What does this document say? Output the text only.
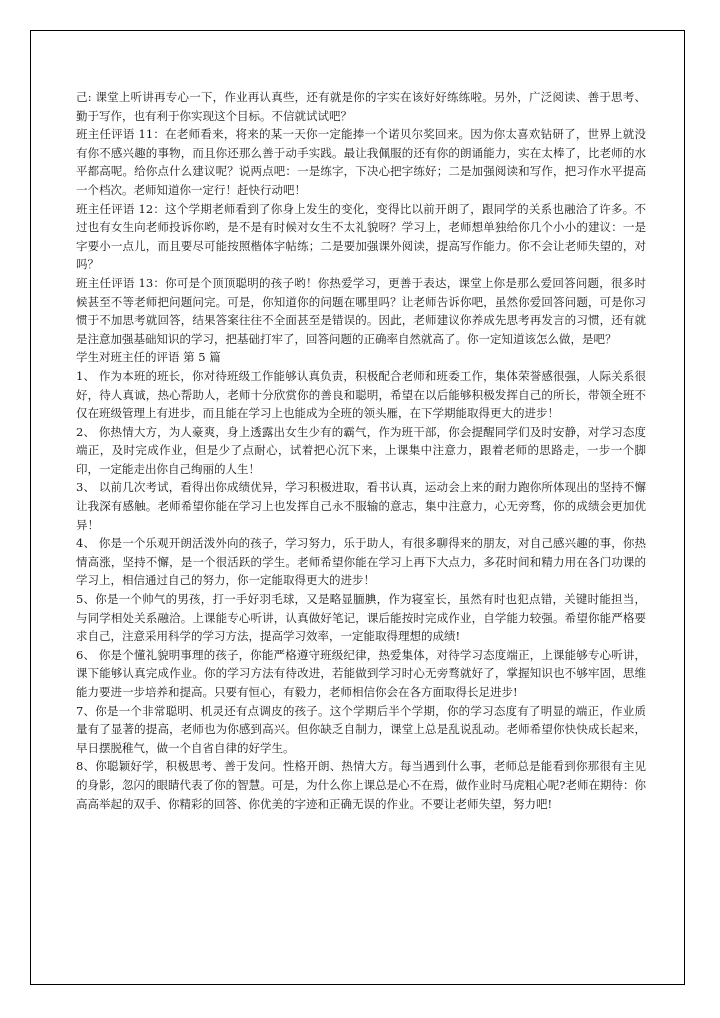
己: 课堂上听讲再专心一下，作业再认真些，还有就是你的字实在该好好练练啦。另外，广泛阅读、善于思考、勤于写作，也有利于你实现这个目标。不信就试试吧？

班主任评语 11：在老师看来，将来的某一天你一定能捧一个诺贝尔奖回来。因为你太喜欢钻研了，世界上就没有你不感兴趣的事物，而且你还那么善于动手实践。最让我佩服的还有你的朗诵能力，实在太棒了，比老师的水平都高呢。给你点什么建议呢？说两点吧：一是练字，下决心把字练好；二是加强阅读和写作，把习作水平提高一个档次。老师知道你一定行！赶快行动吧！

班主任评语 12：这个学期老师看到了你身上发生的变化，变得比以前开朗了，跟同学的关系也融洽了许多。不过也有女生向老师投诉你哟，是不是有时候对女生不太礼貌呀？学习上，老师想单独给你几个小小的建议：一是字要小一点儿，而且要尽可能按照楷体字帖练；二是要加强课外阅读，提高写作能力。你不会让老师失望的，对吗？

班主任评语 13：你可是个顶顶聪明的孩子哟！你热爱学习，更善于表达，课堂上你是那么爱回答问题，很多时候甚至不等老师把问题问完。可是，你知道你的问题在哪里吗？让老师告诉你吧，虽然你爱回答问题，可是你习惯于不加思考就回答，结果答案往往不全面甚至是错误的。因此，老师建议你养成先思考再发言的习惯，还有就是注意加强基础知识的学习，把基础打牢了，回答问题的正确率自然就高了。你一定知道该怎么做，是吧？

学生对班主任的评语 第 5 篇

1、 作为本班的班长，你对待班级工作能够认真负责，积极配合老师和班委工作，集体荣誉感很强，人际关系很好，待人真诚，热心帮助人，老师十分欣赏你的善良和聪明，希望在以后能够积极发挥自己的所长，带领全班不仅在班级管理上有进步，而且能在学习上也能成为全班的领头雁，在下学期能取得更大的进步！

2、 你热情大方，为人豪爽，身上透露出女生少有的霸气，作为班干部，你会提醒同学们及时安静，对学习态度端正，及时完成作业，但是少了点耐心，试着把心沉下来，上课集中注意力，跟着老师的思路走，一步一个脚印，一定能走出你自己绚丽的人生！

3、 以前几次考试，看得出你成绩优异，学习积极进取，看书认真，运动会上来的耐力跑你所体现出的坚持不懈让我深有感触。老师希望你能在学习上也发挥自己永不服输的意志，集中注意力，心无旁骛，你的成绩会更加优异！

4、 你是一个乐观开朗活泼外向的孩子，学习努力，乐于助人，有很多聊得来的朋友，对自己感兴趣的事，你热情高涨，坚持不懈，是一个很活跃的学生。老师希望你能在学习上再下大点力，多花时间和精力用在各门功课的学习上，相信通过自己的努力，你一定能取得更大的进步！

5、你是一个帅气的男孩，打一手好羽毛球，又是略显腼腆，作为寝室长，虽然有时也犯点错，关键时能担当，与同学相处关系融洽。上课能专心听讲，认真做好笔记，课后能按时完成作业，自学能力较强。希望你能严格要求自己，注意采用科学的学习方法，提高学习效率，一定能取得理想的成绩!

6、 你是个懂礼貌明事理的孩子，你能严格遵守班级纪律，热爱集体，对待学习态度端正，上课能够专心听讲，课下能够认真完成作业。你的学习方法有待改进，若能做到学习时心无旁骛就好了，掌握知识也不够牢固，思维能力要进一步培养和提高。只要有恒心，有毅力，老师相信你会在各方面取得长足进步!

7、你是一个非常聪明、机灵还有点调皮的孩子。这个学期后半个学期，你的学习态度有了明显的端正，作业质量有了显著的提高，老师也为你感到高兴。但你缺乏自制力，课堂上总是乱说乱动。老师希望你快快成长起来，早日摆脱稚气，做一个自省自律的好学生。

8、你聪颖好学，积极思考、善于发问。性格开朗、热情大方。每当遇到什么事，老师总是能看到你那很有主见的身影，忽闪的眼睛代表了你的智慧。可是，为什么你上课总是心不在焉，做作业时马虎粗心呢?老师在期待：你高高举起的双手、你精彩的回答、你优美的字迹和正确无误的作业。不要让老师失望，努力吧!
